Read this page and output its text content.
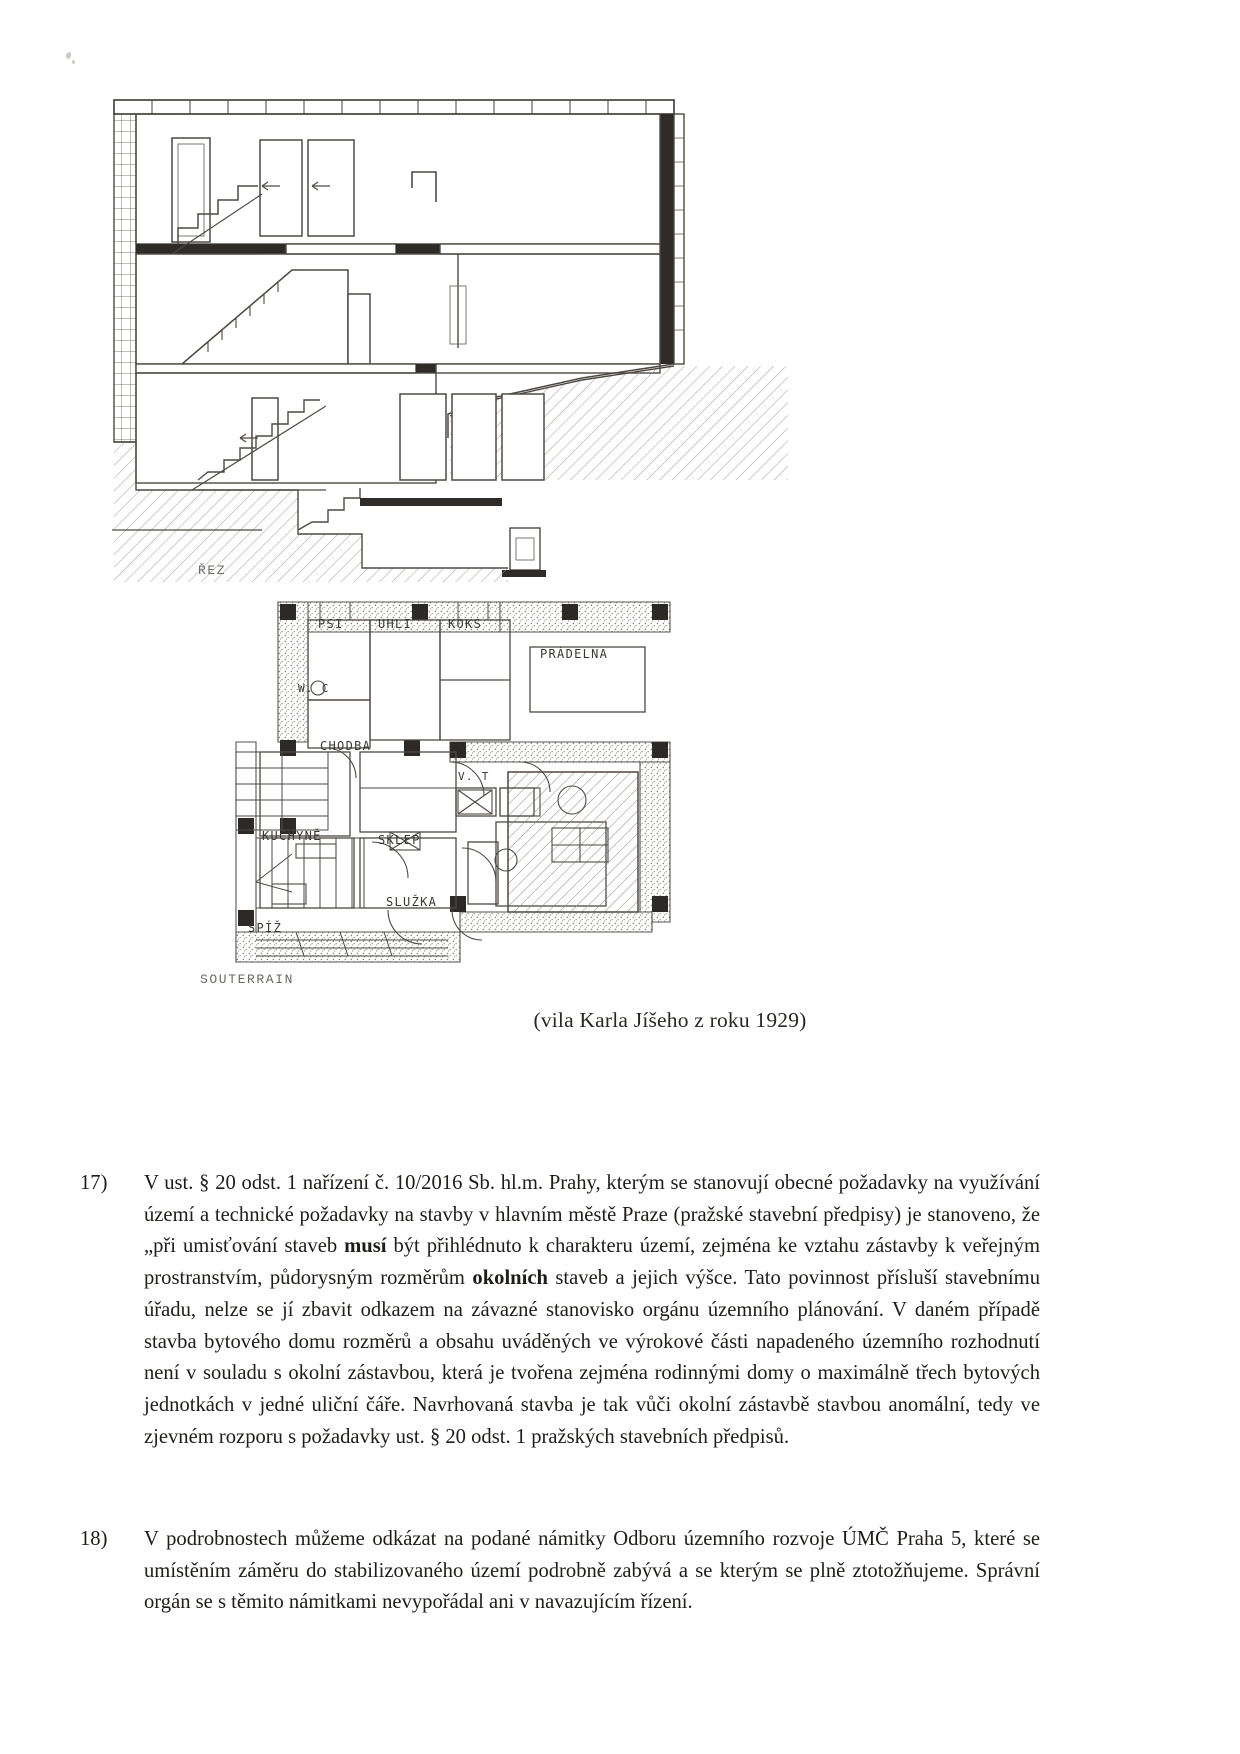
ŘEZ
PSI	UHLI	KOKS
PRÁDELNA
W. C
CHODBA
V. T
KUCHYNĚ	SKLEP
SLUŽKA
SPÍŽ
SOUTERRAIN
(vila Karla Jíšeho z roku 1929)
17)	V ust. § 20 odst. 1 nařízení č. 10/2016 Sb. hl.m. Prahy, kterým se stanovují obecné požadavky na využívání území a technické požadavky na stavby v hlavním městě Praze (pražské stavební předpisy) je stanoveno, že „při umisťování staveb musí být přihlédnuto k charakteru území, zejména ke vztahu zástavby k veřejným prostranstvím, půdorysným rozměrům okolních staveb a jejich výšce. Tato povinnost přísluší stavebnímu úřadu, nelze se jí zbavit odkazem na závazné stanovisko orgánu územního plánování. V daném případě stavba bytového domu rozměrů a obsahu uváděných ve výrokové části napadeného územního rozhodnutí není v souladu s okolní zástavbou, která je tvořena zejména rodinnými domy o maximálně třech bytových jednotkách v jedné uliční čáře. Navrhovaná stavba je tak vůči okolní zástavbě stavbou anomální, tedy ve zjevném rozporu s požadavky ust. § 20 odst. 1 pražských stavebních předpisů.
18)	V podrobnostech můžeme odkázat na podané námitky Odboru územního rozvoje ÚMČ Praha 5, které se umístěním záměru do stabilizovaného území podrobně zabývá a se kterým se plně ztotožňujeme. Správní orgán se s těmito námitkami nevypořádal ani v navazujícím řízení.
